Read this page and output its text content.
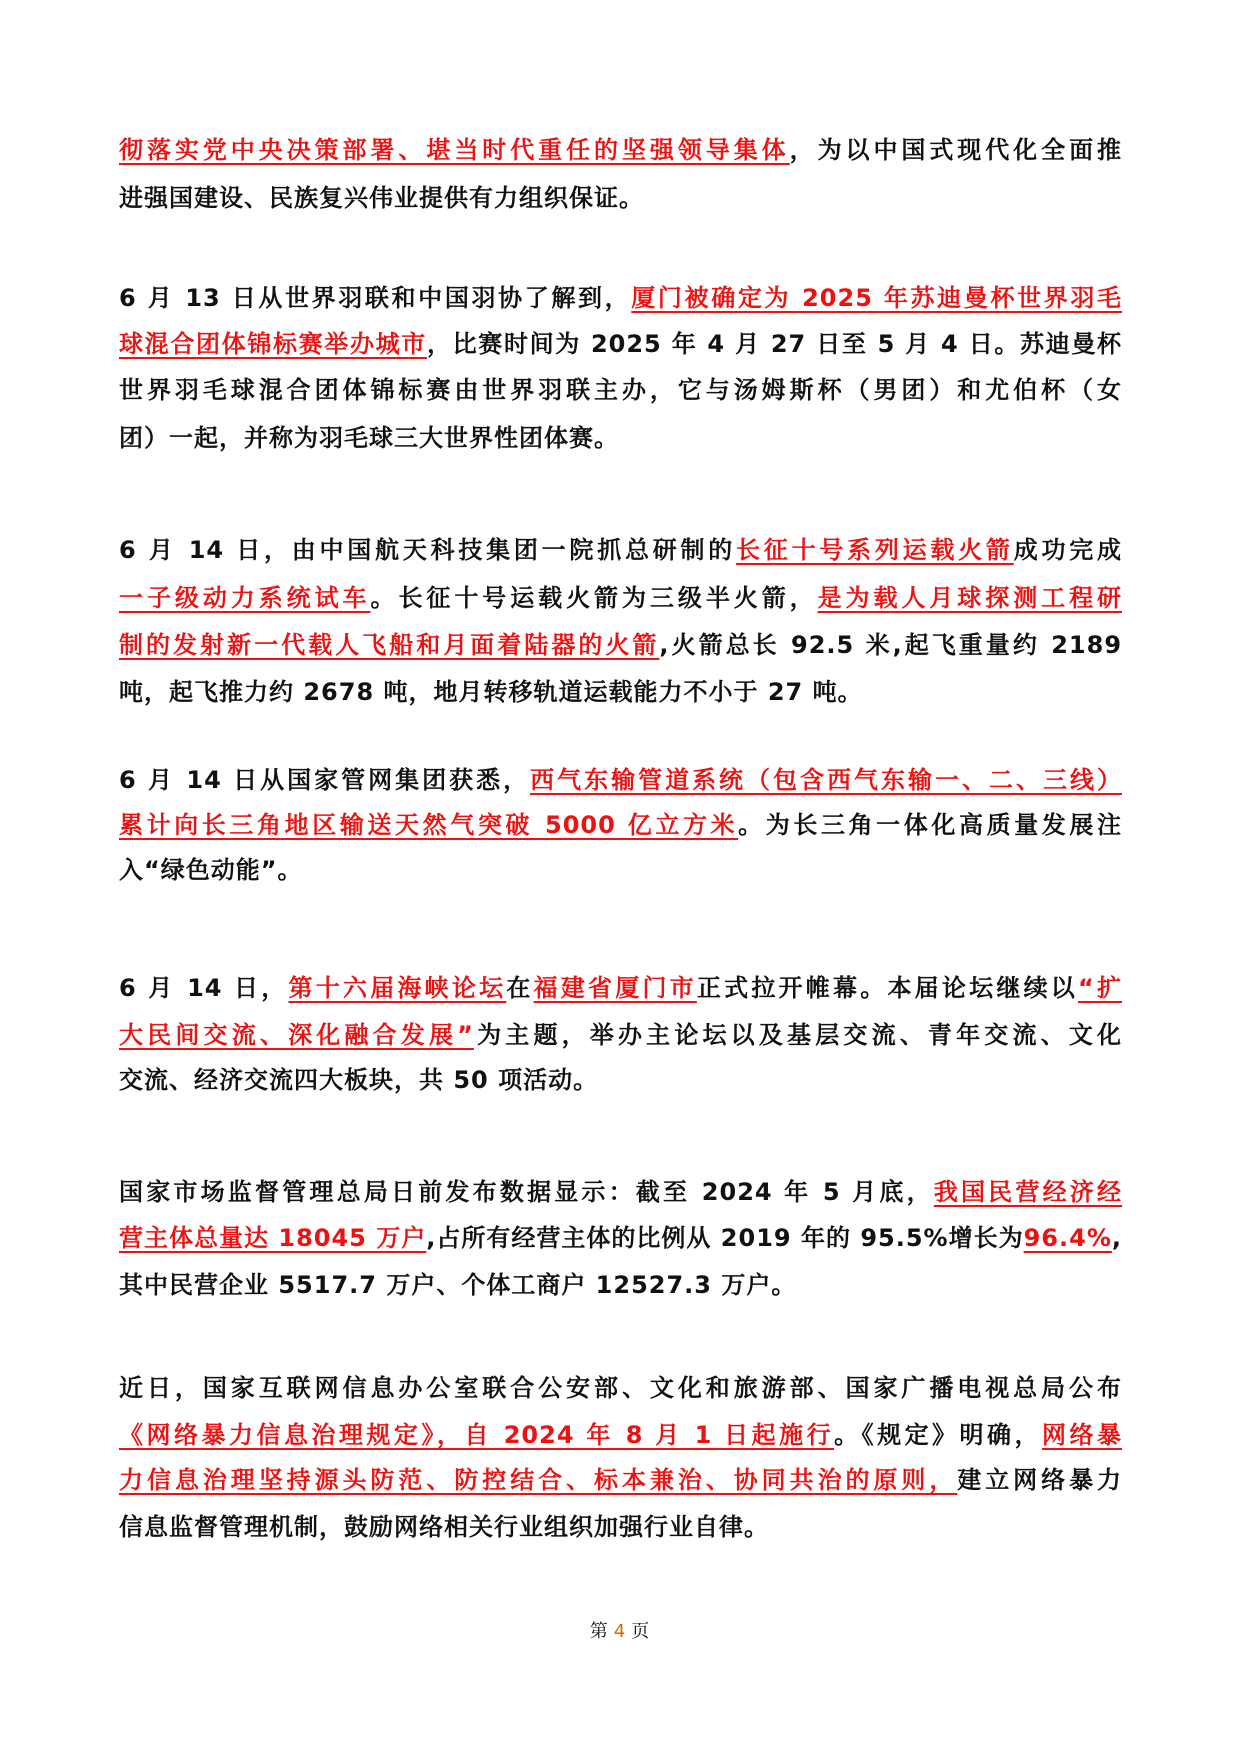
彻落实党中央决策部署、堪当时代重任的坚强领导集体，为以中国式现代化全面推
进强国建设、民族复兴伟业提供有力组织保证。
6 月 13 日从世界羽联和中国羽协了解到，厦门被确定为 2025 年苏迪曼杯世界羽毛
球混合团体锦标赛举办城市，比赛时间为 2025 年 4 月 27 日至 5 月 4 日。苏迪曼杯
世界羽毛球混合团体锦标赛由世界羽联主办，它与汤姆斯杯（男团）和尤伯杯（女
团）一起，并称为羽毛球三大世界性团体赛。
6 月 14 日，由中国航天科技集团一院抓总研制的长征十号系列运载火箭成功完成
一子级动力系统试车。长征十号运载火箭为三级半火箭，是为载人月球探测工程研
制的发射新一代载人飞船和月面着陆器的火箭,火箭总长 92.5 米,起飞重量约 2189
吨，起飞推力约 2678 吨，地月转移轨道运载能力不小于 27 吨。
6 月 14 日从国家管网集团获悉，西气东输管道系统（包含西气东输一、二、三线）
累计向长三角地区输送天然气突破 5000 亿立方米。为长三角一体化高质量发展注
入“绿色动能”。
6 月 14 日，第十六届海峡论坛在福建省厦门市正式拉开帷幕。本届论坛继续以“扩
大民间交流、深化融合发展”为主题，举办主论坛以及基层交流、青年交流、文化
交流、经济交流四大板块，共 50 项活动。
国家市场监督管理总局日前发布数据显示：截至 2024 年 5 月底，我国民营经济经
营主体总量达 18045 万户,占所有经营主体的比例从 2019 年的 95.5%增长为96.4%,
其中民营企业 5517.7 万户、个体工商户 12527.3 万户。
近日，国家互联网信息办公室联合公安部、文化和旅游部、国家广播电视总局公布
《网络暴力信息治理规定》，自 2024 年 8 月 1 日起施行。《规定》明确，网络暴
力信息治理坚持源头防范、防控结合、标本兼治、协同共治的原则，建立网络暴力
信息监督管理机制，鼓励网络相关行业组织加强行业自律。
第 4 页
